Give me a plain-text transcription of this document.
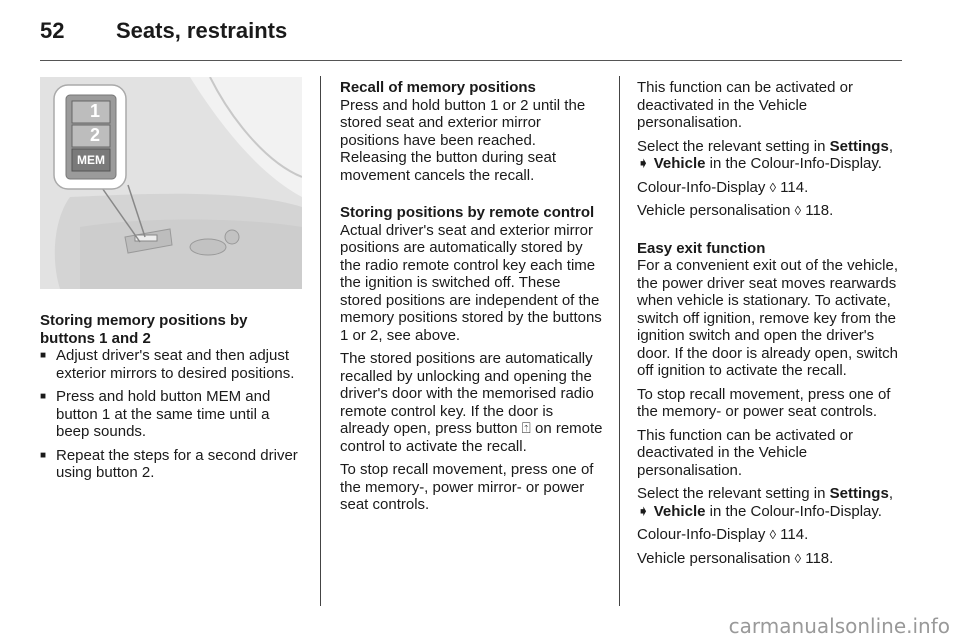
52 Seats, restraints
1
2
MEM
Storing memory positions by buttons 1 and 2
■ Adjust driver's seat and then adjust exterior mirrors to desired positions.
■ Press and hold button MEM and button 1 at the same time until a beep sounds.
■ Repeat the steps for a second driver using button 2.
Recall of memory positions

Press and hold button 1 or 2 until the stored seat and exterior mirror positions have been reached. Releasing the button during seat movement cancels the recall.

Storing positions by remote control

Actual driver's seat and exterior mirror positions are automatically stored by the radio remote control key each time the ignition is switched off. These stored positions are independent of the memory positions stored by the buttons 1 or 2, see above.

The stored positions are automatically recalled by unlocking and opening the driver's door with the memorised radio remote control key. If the door is already open, press button ⍐ on remote control to activate the recall.

To stop recall movement, press one of the memory-, power mirror- or power seat controls.

This function can be activated or deactivated in the Vehicle personalisation.

Select the relevant setting in Settings, ➧ Vehicle in the Colour-Info-Display.

Colour-Info-Display ◊ 114.

Vehicle personalisation ◊ 118.

Easy exit function

For a convenient exit out of the vehicle, the power driver seat moves rearwards when vehicle is stationary. To activate, switch off ignition, remove key from the ignition switch and open the driver's door. If the door is already open, switch off ignition to activate the recall.

To stop recall movement, press one of the memory- or power seat controls.

This function can be activated or deactivated in the Vehicle personalisation.

Select the relevant setting in Settings, ➧ Vehicle in the Colour-Info-Display.

Colour-Info-Display ◊ 114.

Vehicle personalisation ◊ 118.

carmanualsonline.info
